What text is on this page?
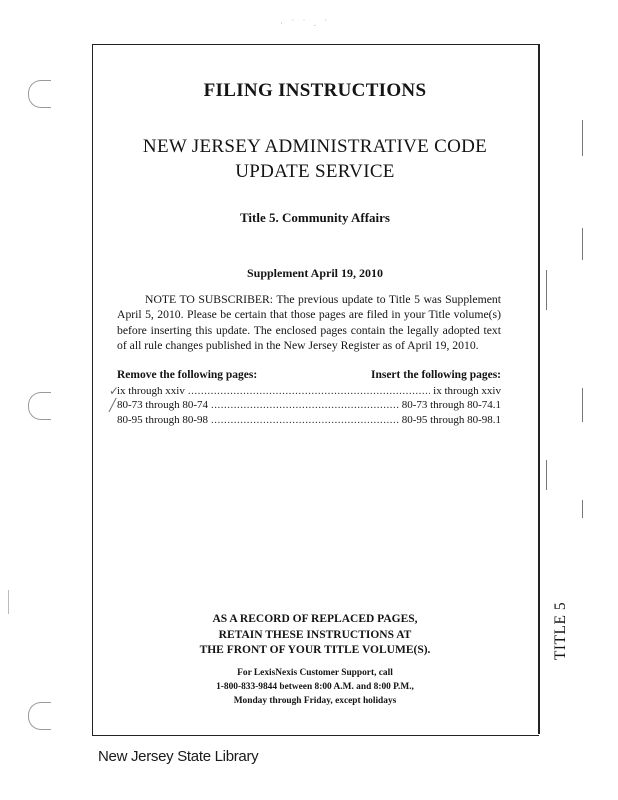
· ˙ ˙ . ˙
FILING INSTRUCTIONS
NEW JERSEY ADMINISTRATIVE CODE
UPDATE SERVICE
Title 5. Community Affairs
Supplement April 19, 2010
NOTE TO SUBSCRIBER: The previous update to Title 5 was Supplement April 5, 2010. Please be certain that those pages are filed in your Title volume(s) before inserting this update. The enclosed pages contain the legally adopted text of all rule changes published in the New Jersey Register as of April 19, 2010.
Remove the following pages:	Insert the following pages:
✓
ix through xxiv .....	ix through xxiv
╱ 80-73 through 80-74 .....	80-73 through 80-74.1
80-95 through 80-98 .....	80-95 through 80-98.1
AS A RECORD OF REPLACED PAGES,
RETAIN THESE INSTRUCTIONS AT
THE FRONT OF YOUR TITLE VOLUME(S).
For LexisNexis Customer Support, call
1-800-833-9844 between 8:00 A.M. and 8:00 P.M.,
Monday through Friday, except holidays
TITLE 5
New Jersey State Library
